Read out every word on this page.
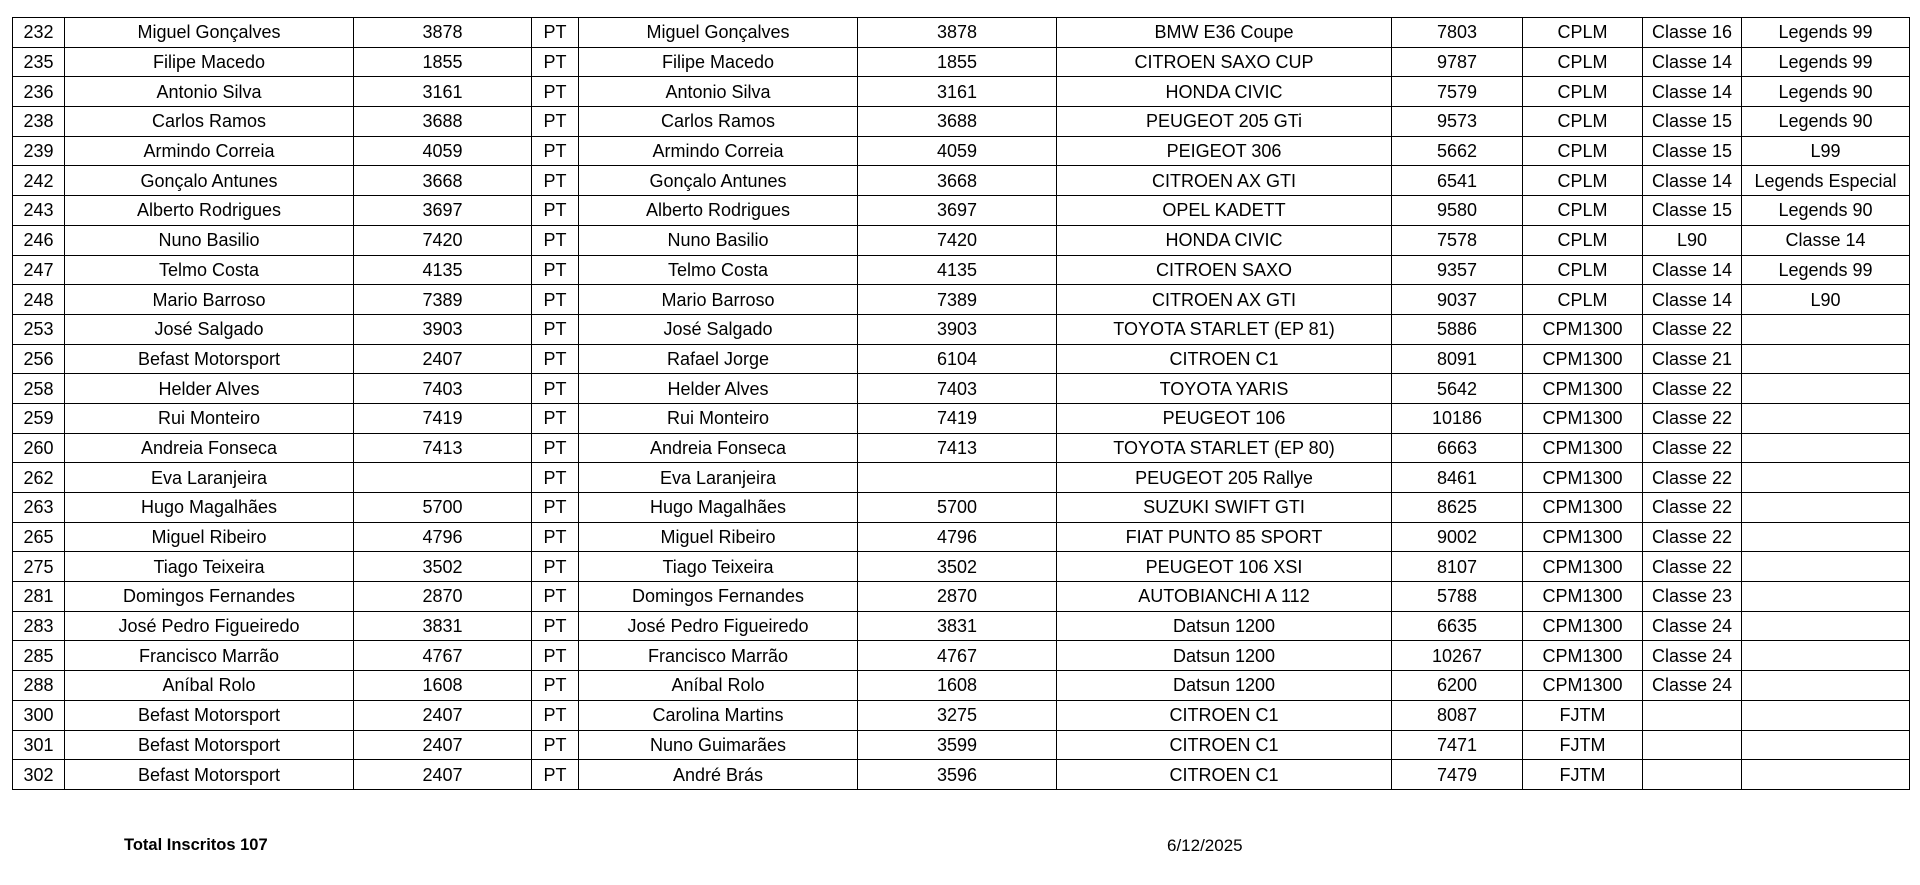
232	Miguel Gonçalves	3878	PT	Miguel Gonçalves	3878	BMW E36 Coupe	7803	CPLM	Classe 16	Legends 99
235	Filipe Macedo	1855	PT	Filipe Macedo	1855	CITROEN SAXO CUP	9787	CPLM	Classe 14	Legends 99
236	Antonio Silva	3161	PT	Antonio Silva	3161	HONDA CIVIC	7579	CPLM	Classe 14	Legends 90
238	Carlos Ramos	3688	PT	Carlos Ramos	3688	PEUGEOT 205 GTi	9573	CPLM	Classe 15	Legends 90
239	Armindo Correia	4059	PT	Armindo Correia	4059	PEIGEOT 306	5662	CPLM	Classe 15	L99
242	Gonçalo Antunes	3668	PT	Gonçalo Antunes	3668	CITROEN AX GTI	6541	CPLM	Classe 14	Legends Especial
243	Alberto Rodrigues	3697	PT	Alberto Rodrigues	3697	OPEL KADETT	9580	CPLM	Classe 15	Legends 90
246	Nuno Basilio	7420	PT	Nuno Basilio	7420	HONDA CIVIC	7578	CPLM	L90	Classe 14
247	Telmo Costa	4135	PT	Telmo Costa	4135	CITROEN SAXO	9357	CPLM	Classe 14	Legends 99
248	Mario Barroso	7389	PT	Mario Barroso	7389	CITROEN AX GTI	9037	CPLM	Classe 14	L90
253	José Salgado	3903	PT	José Salgado	3903	TOYOTA STARLET (EP 81)	5886	CPM1300	Classe 22	
256	Befast Motorsport	2407	PT	Rafael Jorge	6104	CITROEN C1	8091	CPM1300	Classe 21	
258	Helder Alves	7403	PT	Helder Alves	7403	TOYOTA YARIS	5642	CPM1300	Classe 22	
259	Rui Monteiro	7419	PT	Rui Monteiro	7419	PEUGEOT 106	10186	CPM1300	Classe 22	
260	Andreia Fonseca	7413	PT	Andreia Fonseca	7413	TOYOTA STARLET (EP 80)	6663	CPM1300	Classe 22	
262	Eva Laranjeira		PT	Eva Laranjeira		PEUGEOT 205 Rallye	8461	CPM1300	Classe 22	
263	Hugo Magalhães	5700	PT	Hugo Magalhães	5700	SUZUKI SWIFT GTI	8625	CPM1300	Classe 22	
265	Miguel Ribeiro	4796	PT	Miguel Ribeiro	4796	FIAT PUNTO 85 SPORT	9002	CPM1300	Classe 22	
275	Tiago Teixeira	3502	PT	Tiago Teixeira	3502	PEUGEOT 106 XSI	8107	CPM1300	Classe 22	
281	Domingos Fernandes	2870	PT	Domingos Fernandes	2870	AUTOBIANCHI A 112	5788	CPM1300	Classe 23	
283	José Pedro Figueiredo	3831	PT	José Pedro Figueiredo	3831	Datsun 1200	6635	CPM1300	Classe 24	
285	Francisco Marrão	4767	PT	Francisco Marrão	4767	Datsun 1200	10267	CPM1300	Classe 24	
288	Aníbal Rolo	1608	PT	Aníbal Rolo	1608	Datsun 1200	6200	CPM1300	Classe 24	
300	Befast Motorsport	2407	PT	Carolina Martins	3275	CITROEN C1	8087	FJTM		
301	Befast Motorsport	2407	PT	Nuno Guimarães	3599	CITROEN C1	7471	FJTM		
302	Befast Motorsport	2407	PT	André Brás	3596	CITROEN C1	7479	FJTM		
Total Inscritos 107	6/12/2025
